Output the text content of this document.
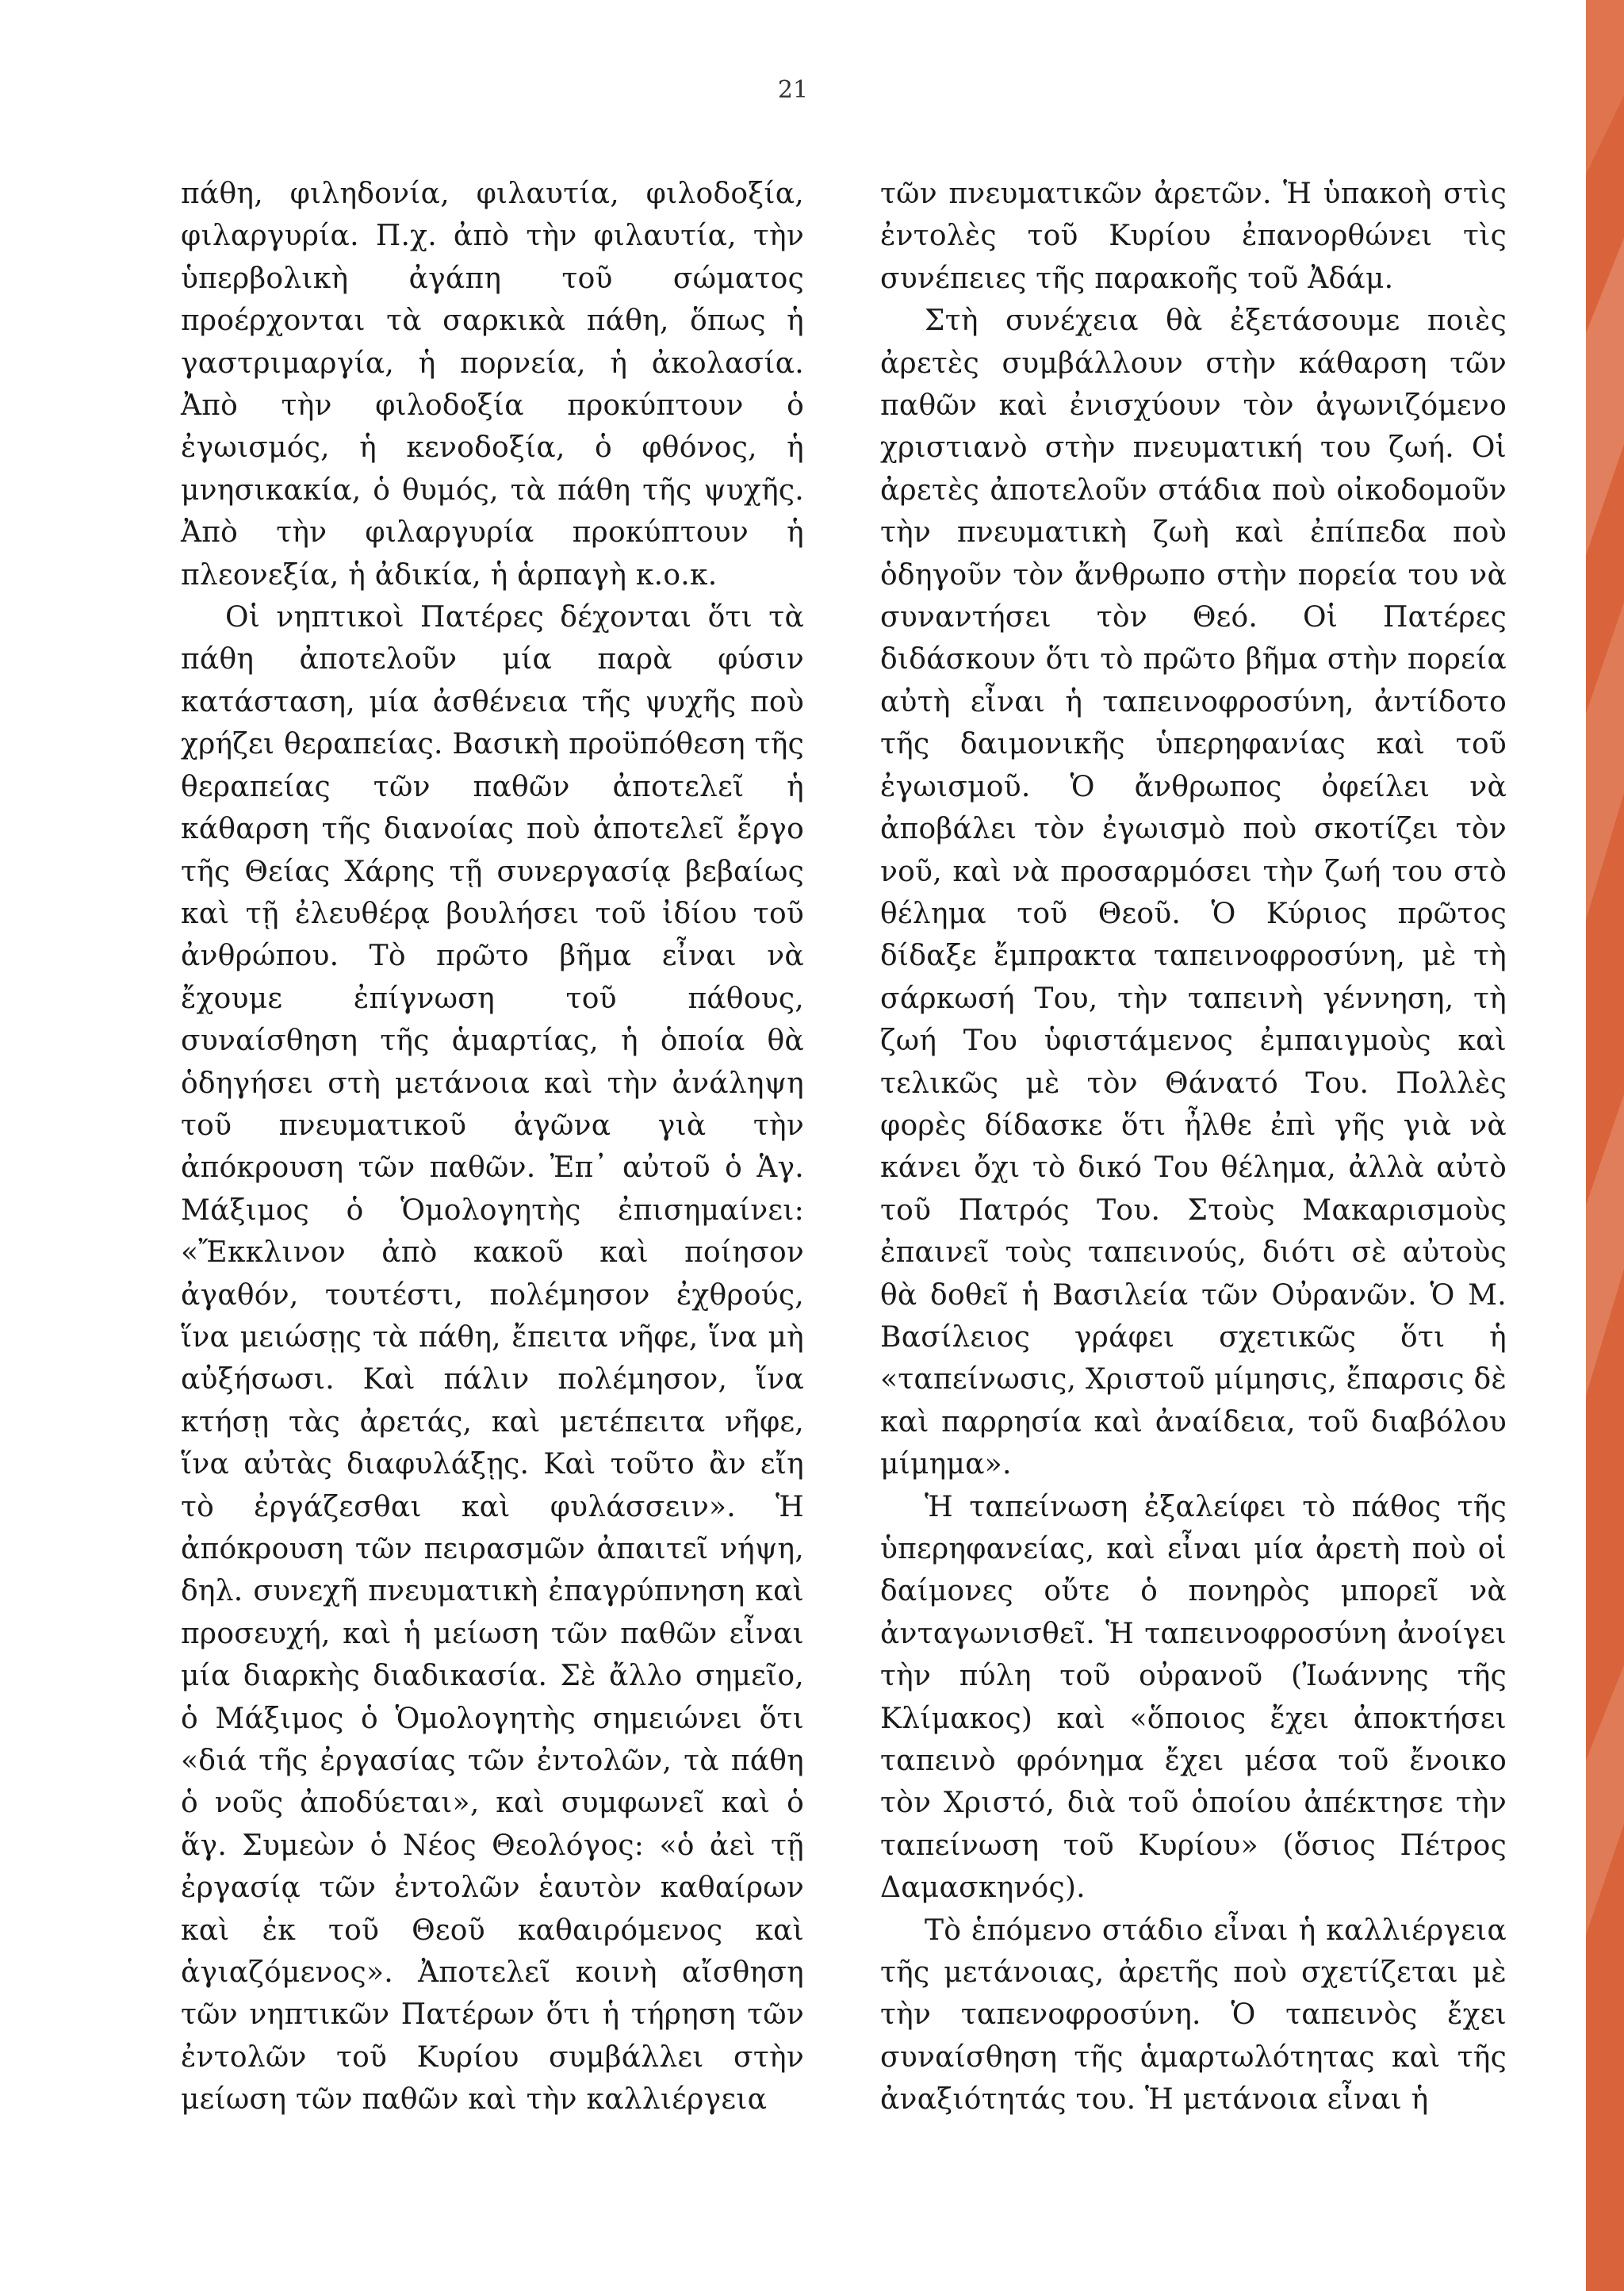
21

πάθη, φιληδονία, φιλαυτία, φιλοδοξία, φιλαργυρία. Π.χ. ἀπὸ τὴν φιλαυτία, τὴν ὑπερβολικὴ ἀγάπη τοῦ σώματος προέρχονται τὰ σαρκικὰ πάθη, ὅπως ἡ γαστριμαργία, ἡ πορνεία, ἡ ἀκολασία. Ἀπὸ τὴν φιλοδοξία προκύπτουν ὁ ἐγωισμός, ἡ κενοδοξία, ὁ φθόνος, ἡ μνησικακία, ὁ θυμός, τὰ πάθη τῆς ψυχῆς. Ἀπὸ τὴν φιλαργυρία προκύπτουν ἡ πλεονεξία, ἡ ἀδικία, ἡ ἁρπαγὴ κ.ο.κ.

Οἱ νηπτικοὶ Πατέρες δέχονται ὅτι τὰ πάθη ἀποτελοῦν μία παρὰ φύσιν κατάσταση, μία ἀσθένεια τῆς ψυχῆς ποὺ χρήζει θεραπείας. Βασικὴ προϋπόθεση τῆς θεραπείας τῶν παθῶν ἀποτελεῖ ἡ κάθαρση τῆς διανοίας ποὺ ἀποτελεῖ ἔργο τῆς Θείας Χάρης τῇ συνεργασίᾳ βεβαίως καὶ τῇ ἐλευθέρᾳ βουλήσει τοῦ ἰδίου τοῦ ἀνθρώπου. Τὸ πρῶτο βῆμα εἶναι νὰ ἔχουμε ἐπίγνωση τοῦ πάθους, συναίσθηση τῆς ἁμαρτίας, ἡ ὁποία θὰ ὁδηγήσει στὴ μετάνοια καὶ τὴν ἀνάληψη τοῦ πνευματικοῦ ἀγῶνα γιὰ τὴν ἀπόκρουση τῶν παθῶν. Ἐπ᾽ αὐτοῦ ὁ Ἁγ. Μάξιμος ὁ Ὁμολογητὴς ἐπισημαίνει: «Ἔκκλινον ἀπὸ κακοῦ καὶ ποίησον ἀγαθόν, τουτέστι, πολέμησον ἐχθρούς, ἵνα μειώσῃς τὰ πάθη, ἔπειτα νῆφε, ἵνα μὴ αὐξήσωσι. Καὶ πάλιν πολέμησον, ἵνα κτήσῃ τὰς ἀρετάς, καὶ μετέπειτα νῆφε, ἵνα αὐτὰς διαφυλάξῃς. Καὶ τοῦτο ἂν εἴη τὸ ἐργάζεσθαι καὶ φυλάσσειν». Ἡ ἀπόκρουση τῶν πειρασμῶν ἀπαιτεῖ νήψη, δηλ. συνεχῆ πνευματικὴ ἐπαγρύπνηση καὶ προσευχή, καὶ ἡ μείωση τῶν παθῶν εἶναι μία διαρκὴς διαδικασία. Σὲ ἄλλο σημεῖο, ὁ Μάξιμος ὁ Ὁμολογητὴς σημειώνει ὅτι «διά τῆς ἐργασίας τῶν ἐντολῶν, τὰ πάθη ὁ νοῦς ἀποδύεται», καὶ συμφωνεῖ καὶ ὁ ἅγ. Συμεὼν ὁ Νέος Θεολόγος: «ὁ ἀεὶ τῇ ἐργασίᾳ τῶν ἐντολῶν ἑαυτὸν καθαίρων καὶ ἐκ τοῦ Θεοῦ καθαιρόμενος καὶ ἁγιαζόμενος». Ἀποτελεῖ κοινὴ αἴσθηση τῶν νηπτικῶν Πατέρων ὅτι ἡ τήρηση τῶν ἐντολῶν τοῦ Κυρίου συμβάλλει στὴν μείωση τῶν παθῶν καὶ τὴν καλλιέργεια

τῶν πνευματικῶν ἀρετῶν. Ἡ ὑπακοὴ στὶς ἐντολὲς τοῦ Κυρίου ἐπανορθώνει τὶς συνέπειες τῆς παρακοῆς τοῦ Ἀδάμ.

Στὴ συνέχεια θὰ ἐξετάσουμε ποιὲς ἀρετὲς συμβάλλουν στὴν κάθαρση τῶν παθῶν καὶ ἐνισχύουν τὸν ἀγωνιζόμενο χριστιανὸ στὴν πνευματική του ζωή. Οἱ ἀρετὲς ἀποτελοῦν στάδια ποὺ οἰκοδομοῦν τὴν πνευματικὴ ζωὴ καὶ ἐπίπεδα ποὺ ὁδηγοῦν τὸν ἄνθρωπο στὴν πορεία του νὰ συναντήσει τὸν Θεό. Οἱ Πατέρες διδάσκουν ὅτι τὸ πρῶτο βῆμα στὴν πορεία αὐτὴ εἶναι ἡ ταπεινοφροσύνη, ἀντίδοτο τῆς δαιμονικῆς ὑπερηφανίας καὶ τοῦ ἐγωισμοῦ. Ὁ ἄνθρωπος ὀφείλει νὰ ἀποβάλει τὸν ἐγωισμὸ ποὺ σκοτίζει τὸν νοῦ, καὶ νὰ προσαρμόσει τὴν ζωή του στὸ θέλημα τοῦ Θεοῦ. Ὁ Κύριος πρῶτος δίδαξε ἔμπρακτα ταπεινοφροσύνη, μὲ τὴ σάρκωσή Του, τὴν ταπεινὴ γέννηση, τὴ ζωή Του ὑφιστάμενος ἐμπαιγμοὺς καὶ τελικῶς μὲ τὸν Θάνατό Του. Πολλὲς φορὲς δίδασκε ὅτι ἦλθε ἐπὶ γῆς γιὰ νὰ κάνει ὄχι τὸ δικό Του θέλημα, ἀλλὰ αὐτὸ τοῦ Πατρός Του. Στοὺς Μακαρισμοὺς ἐπαινεῖ τοὺς ταπεινούς, διότι σὲ αὐτοὺς θὰ δοθεῖ ἡ Βασιλεία τῶν Οὐρανῶν. Ὁ Μ. Βασίλειος γράφει σχετικῶς ὅτι ἡ «ταπείνωσις, Χριστοῦ μίμησις, ἔπαρσις δὲ καὶ παρρησία καὶ ἀναίδεια, τοῦ διαβόλου μίμημα».

Ἡ ταπείνωση ἐξαλείφει τὸ πάθος τῆς ὑπερηφανείας, καὶ εἶναι μία ἀρετὴ ποὺ οἱ δαίμονες οὔτε ὁ πονηρὸς μπορεῖ νὰ ἀνταγωνισθεῖ. Ἡ ταπεινοφροσύνη ἀνοίγει τὴν πύλη τοῦ οὐρανοῦ (Ἰωάννης τῆς Κλίμακος) καὶ «ὅποιος ἔχει ἀποκτήσει ταπεινὸ φρόνημα ἔχει μέσα τοῦ ἔνοικο τὸν Χριστό, διὰ τοῦ ὁποίου ἀπέκτησε τὴν ταπείνωση τοῦ Κυρίου» (ὅσιος Πέτρος Δαμασκηνός).

Τὸ ἑπόμενο στάδιο εἶναι ἡ καλλιέργεια τῆς μετάνοιας, ἀρετῆς ποὺ σχετίζεται μὲ τὴν ταπενοφροσύνη. Ὁ ταπεινὸς ἔχει συναίσθηση τῆς ἁμαρτωλότητας καὶ τῆς ἀναξιότητάς του. Ἡ μετάνοια εἶναι ἡ
